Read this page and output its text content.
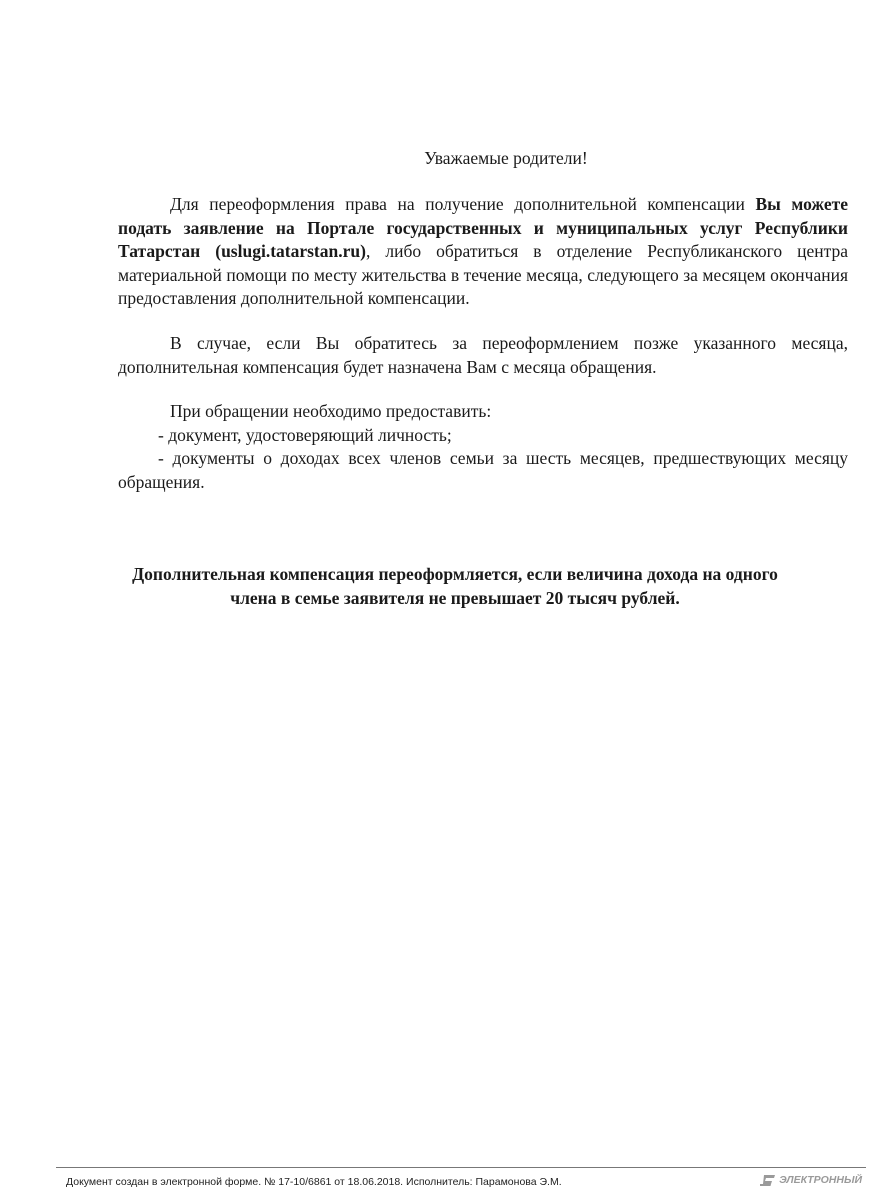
Уважаемые родители!
Для переоформления права на получение дополнительной компенсации Вы можете подать заявление на Портале государственных и муниципальных услуг Республики Татарстан (uslugi.tatarstan.ru), либо обратиться в отделение Республиканского центра материальной помощи по месту жительства в течение месяца, следующего за месяцем окончания предоставления дополнительной компенсации.
В случае, если Вы обратитесь за переоформлением позже указанного месяца, дополнительная компенсация будет назначена Вам с месяца обращения.
При обращении необходимо предоставить:
- документ, удостоверяющий личность;
- документы о доходах всех членов семьи за шесть месяцев, предшествующих месяцу обращения.
Дополнительная компенсация переоформляется, если величина дохода на одного члена в семье заявителя не превышает 20 тысяч рублей.
Документ создан в электронной форме. № 17-10/6861 от 18.06.2018. Исполнитель: Парамонова Э.М.	ЭЛЕКТРОННЫЙ
